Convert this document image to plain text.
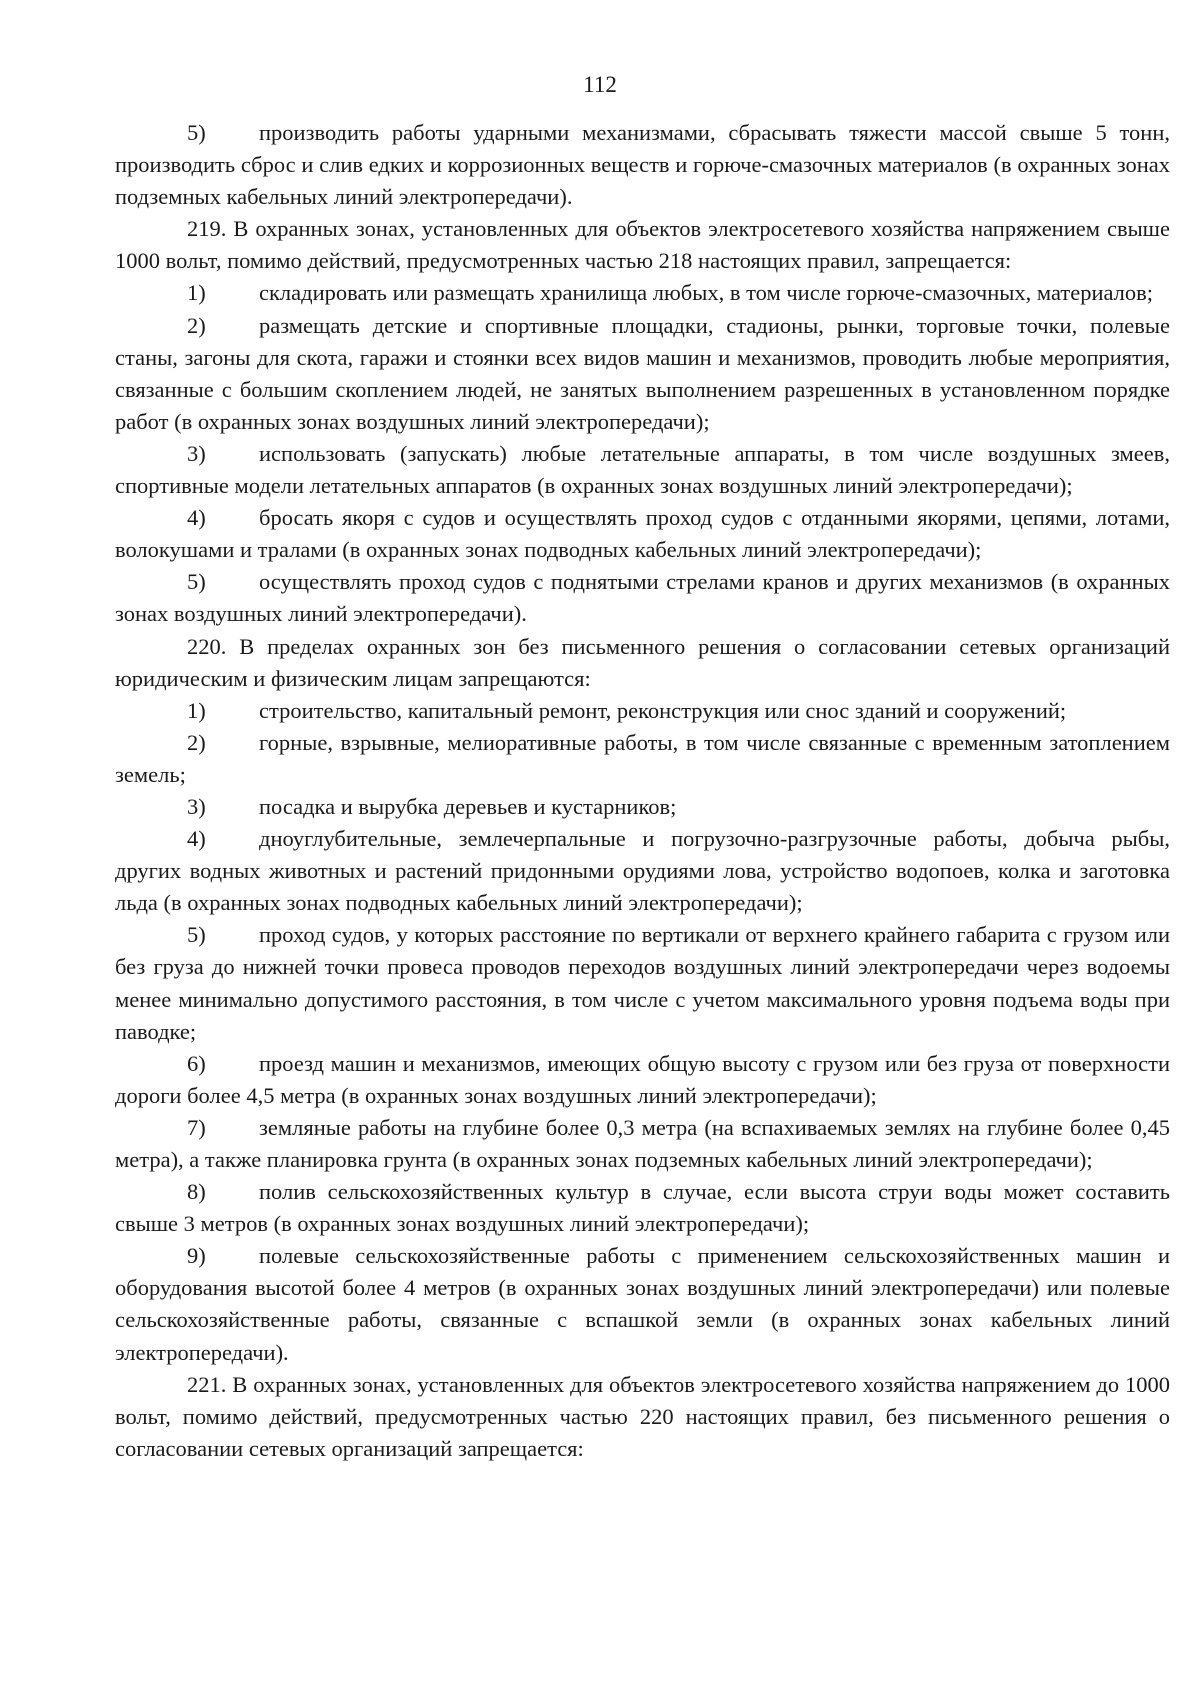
112

5) производить работы ударными механизмами, сбрасывать тяжести массой свыше 5 тонн, производить сброс и слив едких и коррозионных веществ и горюче-смазочных материалов (в охранных зонах подземных кабельных линий электропередачи).

219. В охранных зонах, установленных для объектов электросетевого хозяйства напряжением свыше 1000 вольт, помимо действий, предусмотренных частью 218 настоящих правил, запрещается:

1) складировать или размещать хранилища любых, в том числе горюче-смазочных, материалов;

2) размещать детские и спортивные площадки, стадионы, рынки, торговые точки, полевые станы, загоны для скота, гаражи и стоянки всех видов машин и механизмов, проводить любые мероприятия, связанные с большим скоплением людей, не занятых выполнением разрешенных в установленном порядке работ (в охранных зонах воздушных линий электропередачи);

3) использовать (запускать) любые летательные аппараты, в том числе воздушных змеев, спортивные модели летательных аппаратов (в охранных зонах воздушных линий электропередачи);

4) бросать якоря с судов и осуществлять проход судов с отданными якорями, цепями, лотами, волокушами и тралами (в охранных зонах подводных кабельных линий электропередачи);

5) осуществлять проход судов с поднятыми стрелами кранов и других механизмов (в охранных зонах воздушных линий электропередачи).

220. В пределах охранных зон без письменного решения о согласовании сетевых организаций юридическим и физическим лицам запрещаются:

1) строительство, капитальный ремонт, реконструкция или снос зданий и сооружений;

2) горные, взрывные, мелиоративные работы, в том числе связанные с временным затоплением земель;

3) посадка и вырубка деревьев и кустарников;

4) дноуглубительные, землечерпальные и погрузочно-разгрузочные работы, добыча рыбы, других водных животных и растений придонными орудиями лова, устройство водопоев, колка и заготовка льда (в охранных зонах подводных кабельных линий электропередачи);

5) проход судов, у которых расстояние по вертикали от верхнего крайнего габарита с грузом или без груза до нижней точки провеса проводов переходов воздушных линий электропередачи через водоемы менее минимально допустимого расстояния, в том числе с учетом максимального уровня подъема воды при паводке;

6) проезд машин и механизмов, имеющих общую высоту с грузом или без груза от поверхности дороги более 4,5 метра (в охранных зонах воздушных линий электропередачи);

7) земляные работы на глубине более 0,3 метра (на вспахиваемых землях на глубине более 0,45 метра), а также планировка грунта (в охранных зонах подземных кабельных линий электропередачи);

8) полив сельскохозяйственных культур в случае, если высота струи воды может составить свыше 3 метров (в охранных зонах воздушных линий электропередачи);

9) полевые сельскохозяйственные работы с применением сельскохозяйственных машин и оборудования высотой более 4 метров (в охранных зонах воздушных линий электропередачи) или полевые сельскохозяйственные работы, связанные с вспашкой земли (в охранных зонах кабельных линий электропередачи).

221. В охранных зонах, установленных для объектов электросетевого хозяйства напряжением до 1000 вольт, помимо действий, предусмотренных частью 220 настоящих правил, без письменного решения о согласовании сетевых организаций запрещается:
